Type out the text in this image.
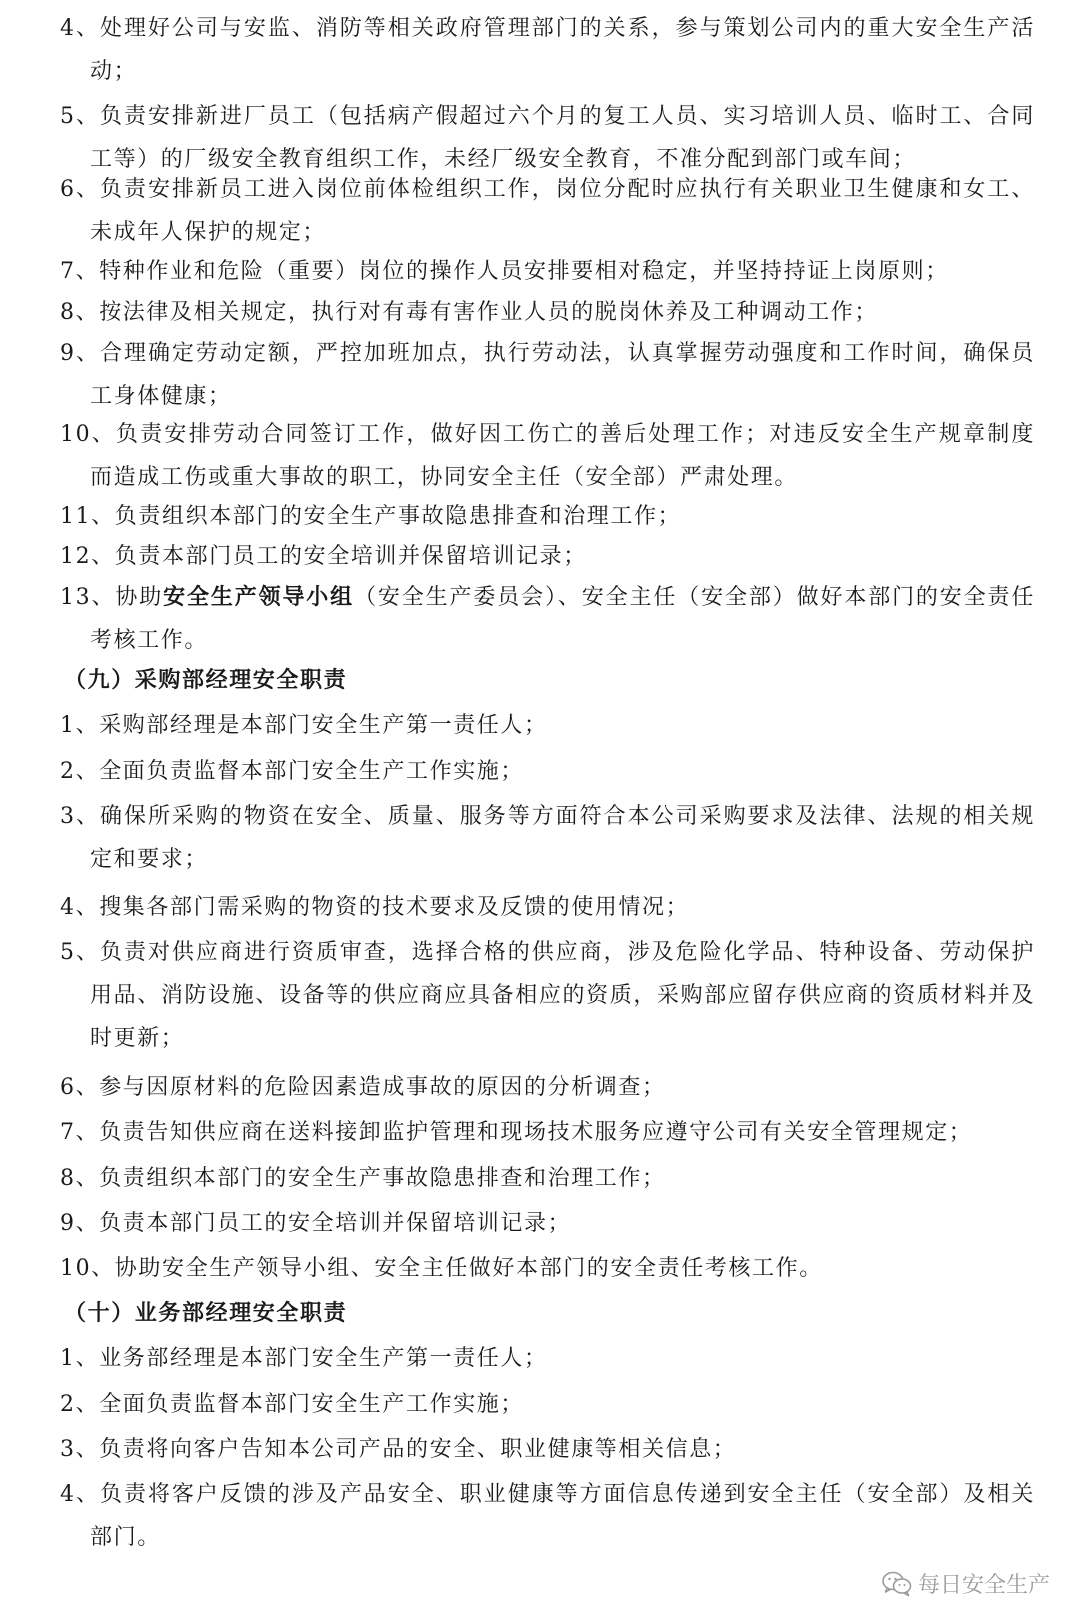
4、处理好公司与安监、消防等相关政府管理部门的关系，参与策划公司内的重大安全生产活动；
5、负责安排新进厂员工（包括病产假超过六个月的复工人员、实习培训人员、临时工、合同工等）的厂级安全教育组织工作，未经厂级安全教育，不准分配到部门或车间；
6、负责安排新员工进入岗位前体检组织工作，岗位分配时应执行有关职业卫生健康和女工、未成年人保护的规定；
7、特种作业和危险（重要）岗位的操作人员安排要相对稳定，并坚持持证上岗原则；
8、按法律及相关规定，执行对有毒有害作业人员的脱岗休养及工种调动工作；
9、合理确定劳动定额，严控加班加点，执行劳动法，认真掌握劳动强度和工作时间，确保员工身体健康；
10、负责安排劳动合同签订工作，做好因工伤亡的善后处理工作；对违反安全生产规章制度而造成工伤或重大事故的职工，协同安全主任（安全部）严肃处理。
11、负责组织本部门的安全生产事故隐患排查和治理工作；
12、负责本部门员工的安全培训并保留培训记录；
13、协助安全生产领导小组（安全生产委员会）、安全主任（安全部）做好本部门的安全责任考核工作。
（九）采购部经理安全职责
1、采购部经理是本部门安全生产第一责任人；
2、全面负责监督本部门安全生产工作实施；
3、确保所采购的物资在安全、质量、服务等方面符合本公司采购要求及法律、法规的相关规定和要求；
4、搜集各部门需采购的物资的技术要求及反馈的使用情况；
5、负责对供应商进行资质审查，选择合格的供应商，涉及危险化学品、特种设备、劳动保护用品、消防设施、设备等的供应商应具备相应的资质，采购部应留存供应商的资质材料并及时更新；
6、参与因原材料的危险因素造成事故的原因的分析调查；
7、负责告知供应商在送料接卸监护管理和现场技术服务应遵守公司有关安全管理规定；
8、负责组织本部门的安全生产事故隐患排查和治理工作；
9、负责本部门员工的安全培训并保留培训记录；
10、协助安全生产领导小组、安全主任做好本部门的安全责任考核工作。
（十）业务部经理安全职责
1、业务部经理是本部门安全生产第一责任人；
2、全面负责监督本部门安全生产工作实施；
3、负责将向客户告知本公司产品的安全、职业健康等相关信息；
4、负责将客户反馈的涉及产品安全、职业健康等方面信息传递到安全主任（安全部）及相关部门。
每日安全生产
